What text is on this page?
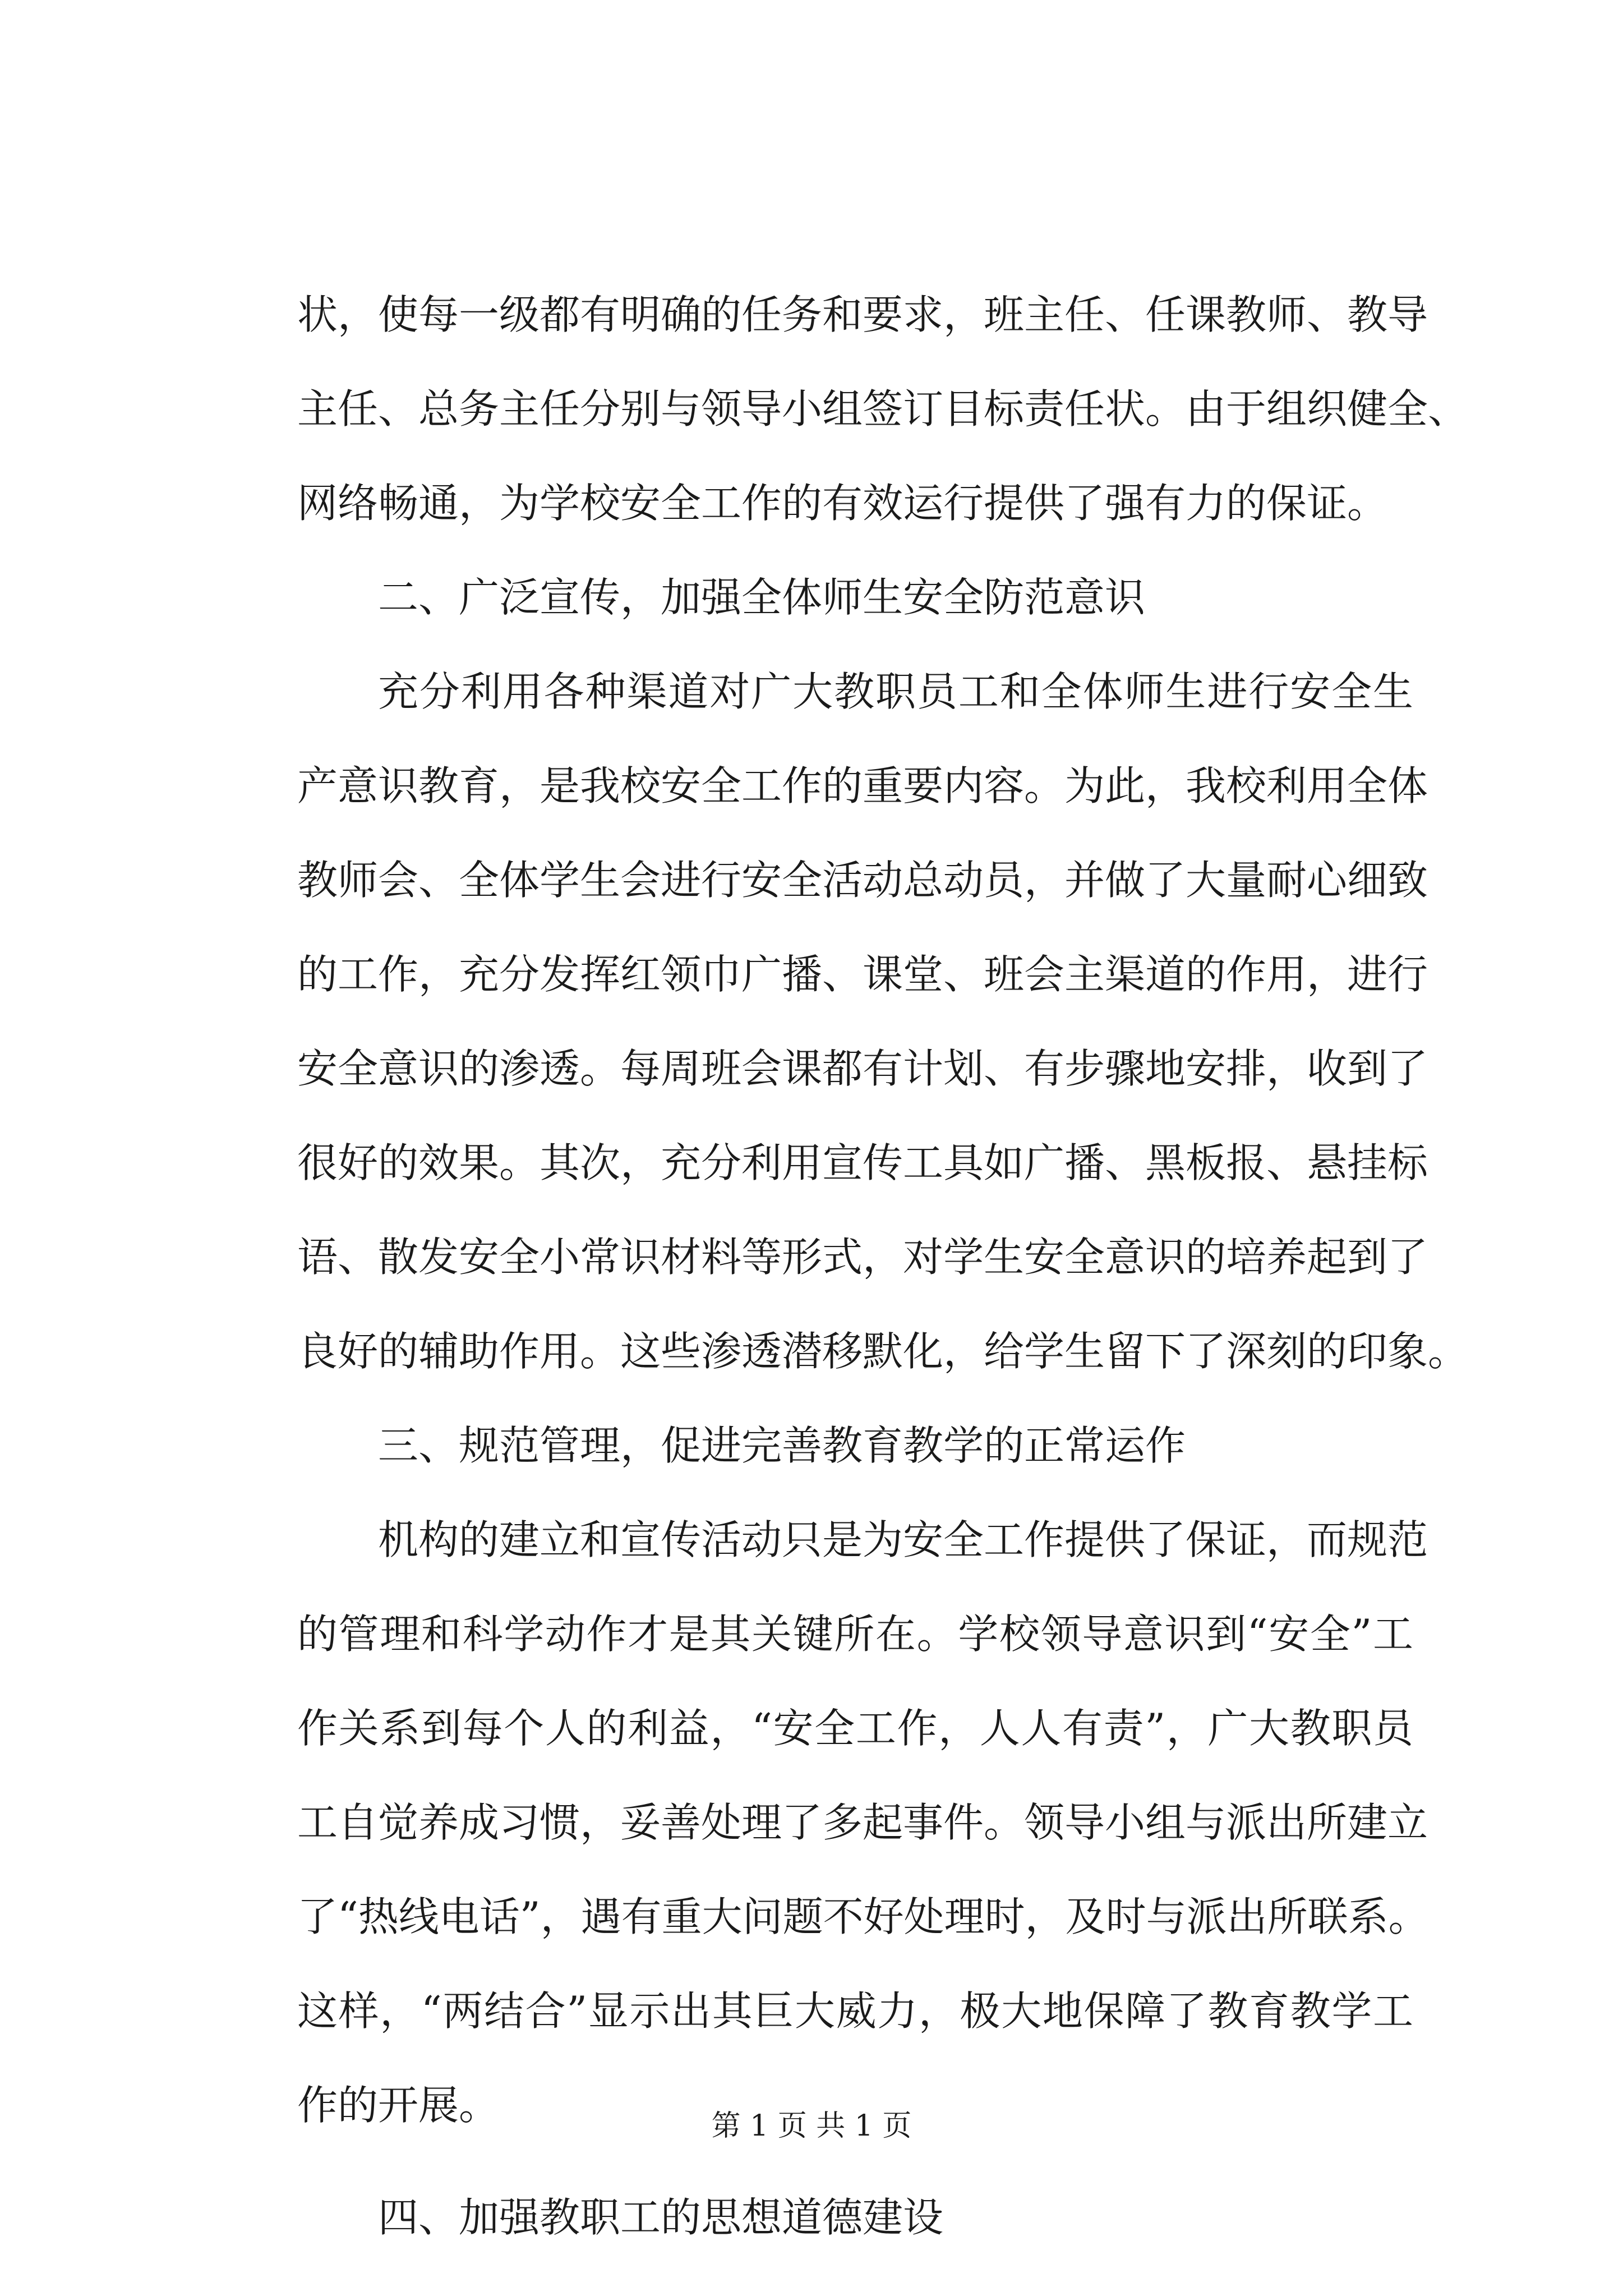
状，使每一级都有明确的任务和要求，班主任、任课教师、教导
主任、总务主任分别与领导小组签订目标责任状。由于组织健全、
网络畅通，为学校安全工作的有效运行提供了强有力的保证。
二、广泛宣传，加强全体师生安全防范意识
充分利用各种渠道对广大教职员工和全体师生进行安全生
产意识教育，是我校安全工作的重要内容。为此，我校利用全体
教师会、全体学生会进行安全活动总动员，并做了大量耐心细致
的工作，充分发挥红领巾广播、课堂、班会主渠道的作用，进行
安全意识的渗透。每周班会课都有计划、有步骤地安排，收到了
很好的效果。其次，充分利用宣传工具如广播、黑板报、悬挂标
语、散发安全小常识材料等形式，对学生安全意识的培养起到了
良好的辅助作用。这些渗透潜移默化，给学生留下了深刻的印象。
三、规范管理，促进完善教育教学的正常运作
机构的建立和宣传活动只是为安全工作提供了保证，而规范
的管理和科学动作才是其关键所在。学校领导意识到“安全”工
作关系到每个人的利益，“安全工作，人人有责”，广大教职员
工自觉养成习惯，妥善处理了多起事件。领导小组与派出所建立
了“热线电话”，遇有重大问题不好处理时，及时与派出所联系。
这样，“两结合”显示出其巨大威力，极大地保障了教育教学工
作的开展。
四、加强教职工的思想道德建设
第 1 页 共 1 页
